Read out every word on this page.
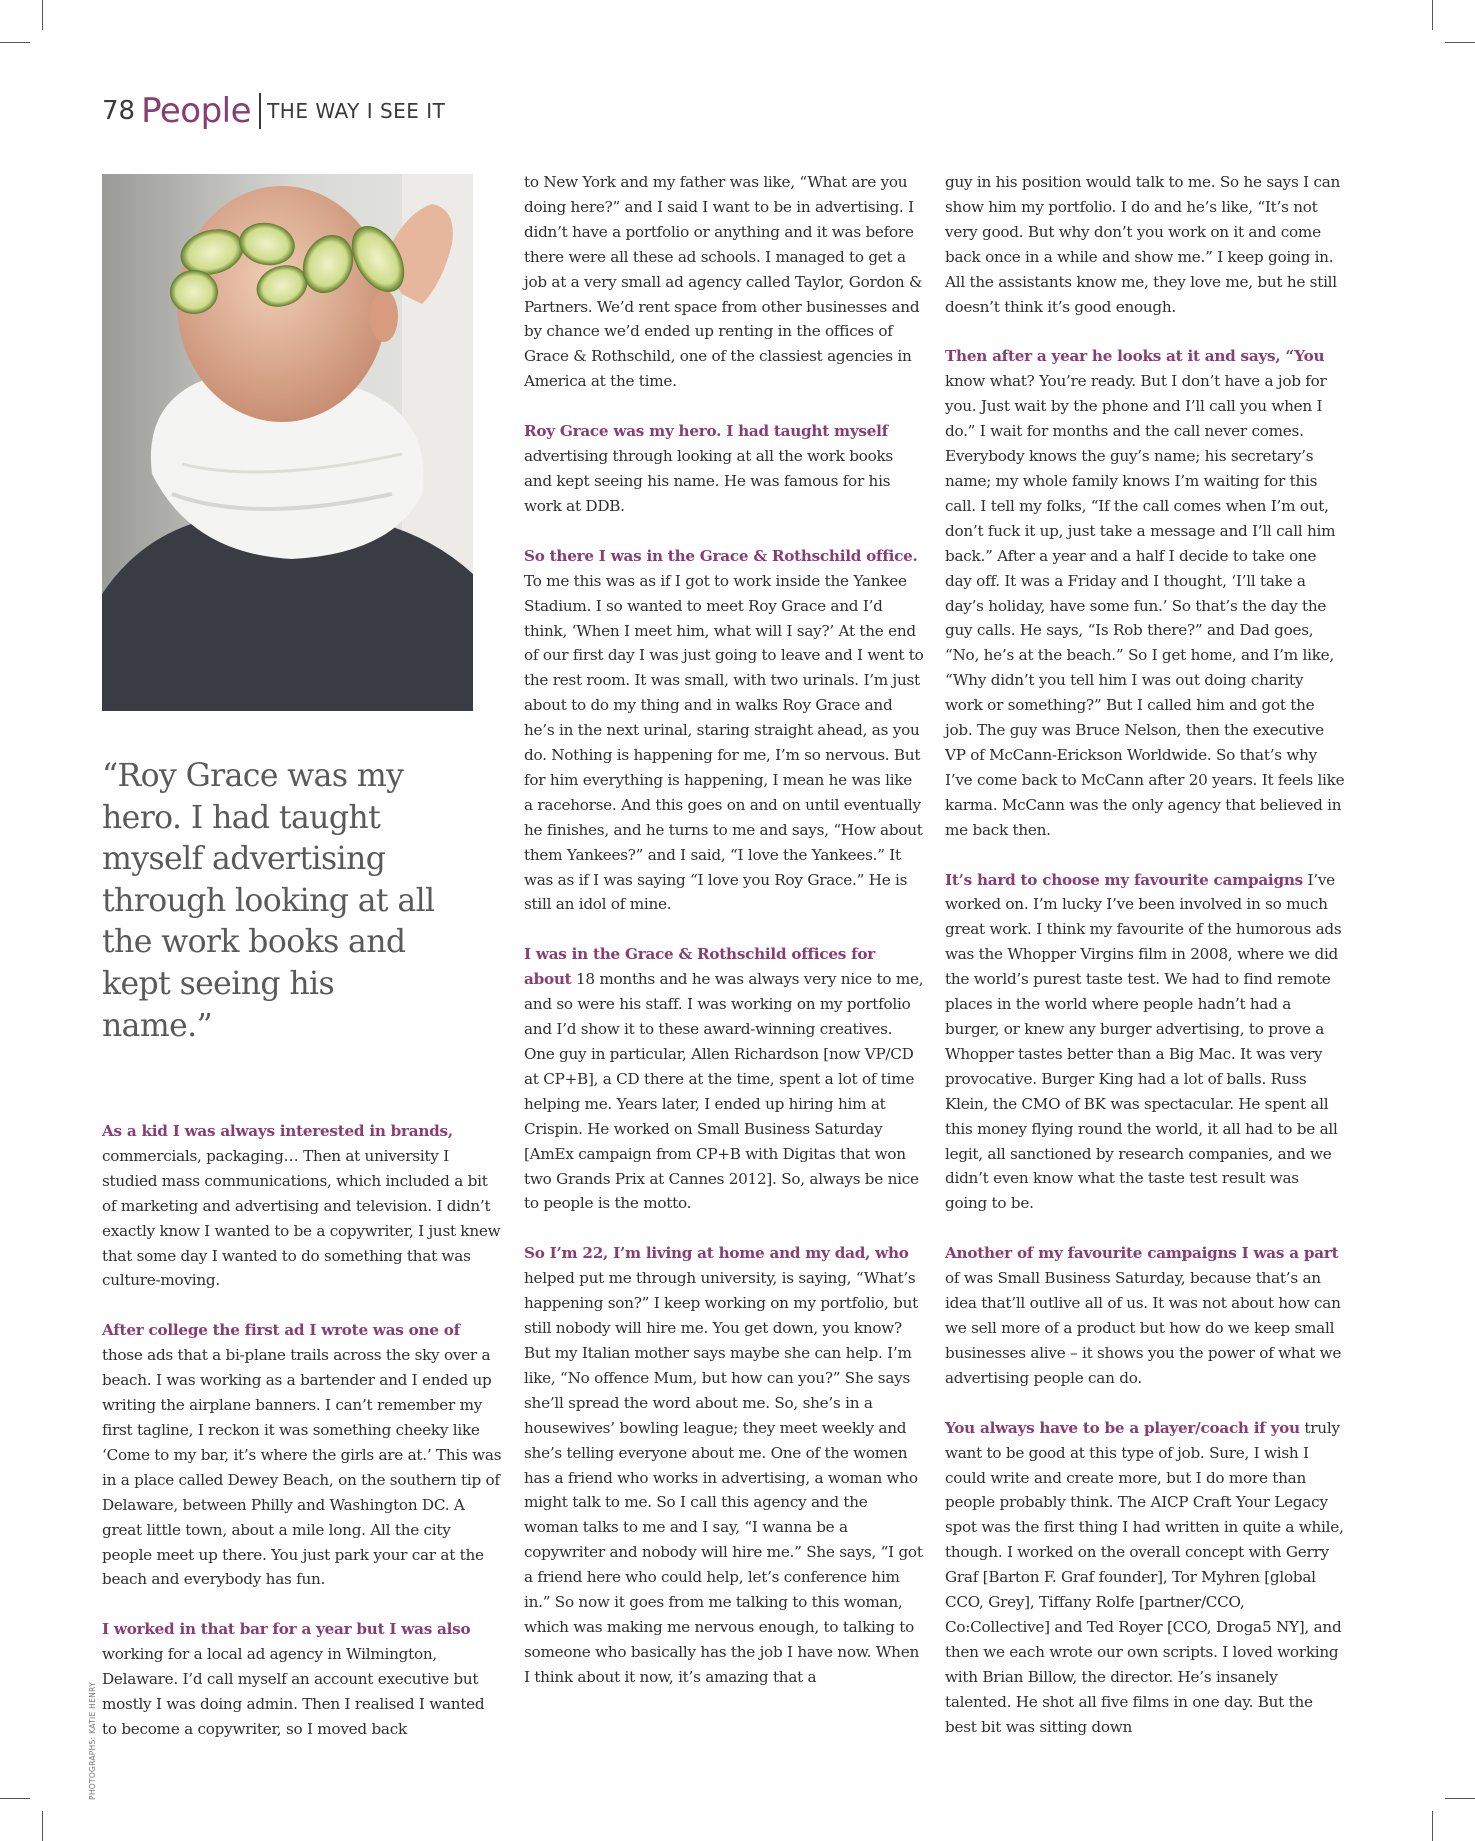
78 People THE WAY I SEE IT
PHOTOGRAPHS: KATIE HENRY
“Roy Grace was my hero. I had taught myself advertising through looking at all the work books and kept seeing his name.”

As a kid I was always interested in brands, commercials, packaging… Then at university I studied mass communications, which included a bit of marketing and advertising and television. I didn’t exactly know I wanted to be a copywriter, I just knew that some day I wanted to do something that was culture-moving.

After college the first ad I wrote was one of those ads that a bi-plane trails across the sky over a beach. I was working as a bartender and I ended up writing the airplane banners. I can’t remember my first tagline, I reckon it was something cheeky like ‘Come to my bar, it’s where the girls are at.’ This was in a place called Dewey Beach, on the southern tip of Delaware, between Philly and Washington DC. A great little town, about a mile long. All the city people meet up there. You just park your car at the beach and everybody has fun.

I worked in that bar for a year but I was also working for a local ad agency in Wilmington, Delaware. I’d call myself an account executive but mostly I was doing admin. Then I realised I wanted to become a copywriter, so I moved back

to New York and my father was like, “What are you doing here?” and I said I want to be in advertising. I didn’t have a portfolio or anything and it was before there were all these ad schools. I managed to get a job at a very small ad agency called Taylor, Gordon & Partners. We’d rent space from other businesses and by chance we’d ended up renting in the offices of Grace & Rothschild, one of the classiest agencies in America at the time.

Roy Grace was my hero. I had taught myself advertising through looking at all the work books and kept seeing his name. He was famous for his work at DDB.

So there I was in the Grace & Rothschild office. To me this was as if I got to work inside the Yankee Stadium. I so wanted to meet Roy Grace and I’d think, ‘When I meet him, what will I say?’ At the end of our first day I was just going to leave and I went to the rest room. It was small, with two urinals. I’m just about to do my thing and in walks Roy Grace and he’s in the next urinal, staring straight ahead, as you do. Nothing is happening for me, I’m so nervous. But for him everything is happening, I mean he was like a racehorse. And this goes on and on until eventually he finishes, and he turns to me and says, “How about them Yankees?” and I said, “I love the Yankees.” It was as if I was saying “I love you Roy Grace.” He is still an idol of mine.

I was in the Grace & Rothschild offices for about 18 months and he was always very nice to me, and so were his staff. I was working on my portfolio and I’d show it to these award-winning creatives. One guy in particular, Allen Richardson [now VP/CD at CP+B], a CD there at the time, spent a lot of time helping me. Years later, I ended up hiring him at Crispin. He worked on Small Business Saturday [AmEx campaign from CP+B with Digitas that won two Grands Prix at Cannes 2012]. So, always be nice to people is the motto.

So I’m 22, I’m living at home and my dad, who helped put me through university, is saying, “What’s happening son?” I keep working on my portfolio, but still nobody will hire me. You get down, you know? But my Italian mother says maybe she can help. I’m like, “No offence Mum, but how can you?” She says she’ll spread the word about me. So, she’s in a housewives’ bowling league; they meet weekly and she’s telling everyone about me. One of the women has a friend who works in advertising, a woman who might talk to me. So I call this agency and the woman talks to me and I say, “I wanna be a copywriter and nobody will hire me.” She says, “I got a friend here who could help, let’s conference him in.” So now it goes from me talking to this woman, which was making me nervous enough, to talking to someone who basically has the job I have now. When I think about it now, it’s amazing that a

guy in his position would talk to me. So he says I can show him my portfolio. I do and he’s like, “It’s not very good. But why don’t you work on it and come back once in a while and show me.” I keep going in. All the assistants know me, they love me, but he still doesn’t think it’s good enough.

Then after a year he looks at it and says, “You know what? You’re ready. But I don’t have a job for you. Just wait by the phone and I’ll call you when I do.” I wait for months and the call never comes. Everybody knows the guy’s name; his secretary’s name; my whole family knows I’m waiting for this call. I tell my folks, “If the call comes when I’m out, don’t fuck it up, just take a message and I’ll call him back.” After a year and a half I decide to take one day off. It was a Friday and I thought, ‘I’ll take a day’s holiday, have some fun.’ So that’s the day the guy calls. He says, “Is Rob there?” and Dad goes, “No, he’s at the beach.” So I get home, and I’m like, “Why didn’t you tell him I was out doing charity work or something?” But I called him and got the job. The guy was Bruce Nelson, then the executive VP of McCann-Erickson Worldwide. So that’s why I’ve come back to McCann after 20 years. It feels like karma. McCann was the only agency that believed in me back then.

It’s hard to choose my favourite campaigns I’ve worked on. I’m lucky I’ve been involved in so much great work. I think my favourite of the humorous ads was the Whopper Virgins film in 2008, where we did the world’s purest taste test. We had to find remote places in the world where people hadn’t had a burger, or knew any burger advertising, to prove a Whopper tastes better than a Big Mac. It was very provocative. Burger King had a lot of balls. Russ Klein, the CMO of BK was spectacular. He spent all this money flying round the world, it all had to be all legit, all sanctioned by research companies, and we didn’t even know what the taste test result was going to be.

Another of my favourite campaigns I was a part of was Small Business Saturday, because that’s an idea that’ll outlive all of us. It was not about how can we sell more of a product but how do we keep small businesses alive – it shows you the power of what we advertising people can do.

You always have to be a player/coach if you truly want to be good at this type of job. Sure, I wish I could write and create more, but I do more than people probably think. The AICP Craft Your Legacy spot was the first thing I had written in quite a while, though. I worked on the overall concept with Gerry Graf [Barton F. Graf founder], Tor Myhren [global CCO, Grey], Tiffany Rolfe [partner/CCO, Co:Collective] and Ted Royer [CCO, Droga5 NY], and then we each wrote our own scripts. I loved working with Brian Billow, the director. He’s insanely talented. He shot all five films in one day. But the best bit was sitting down
